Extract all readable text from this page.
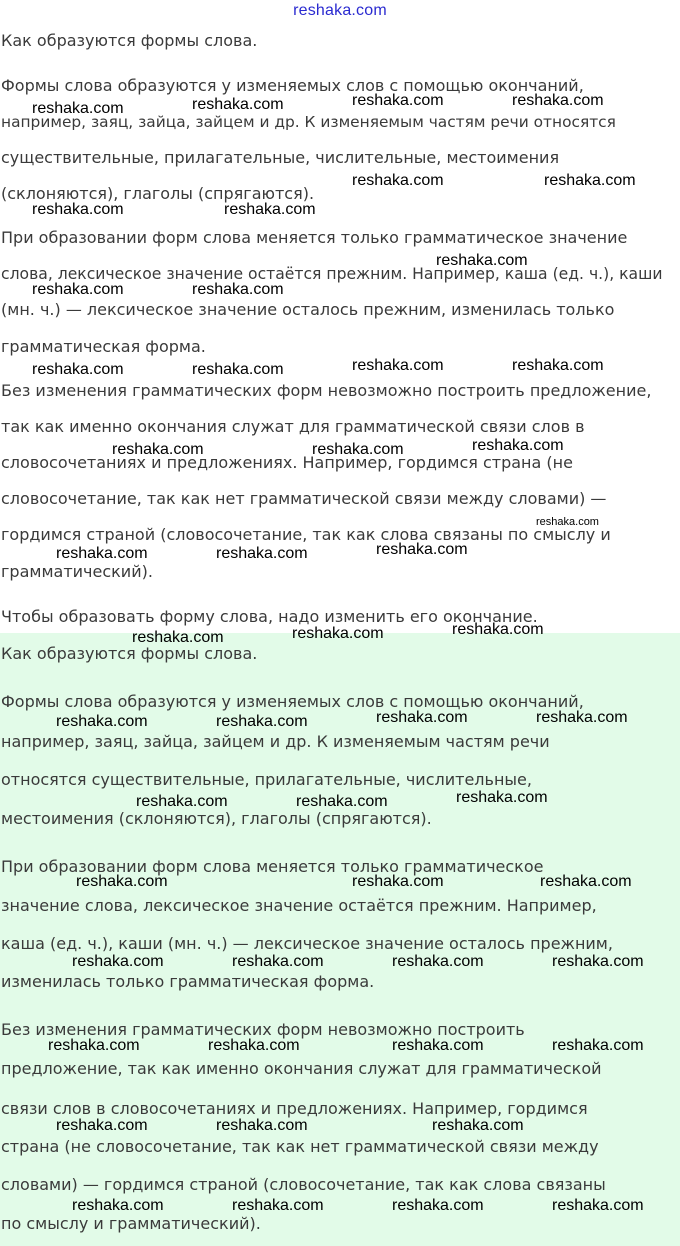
reshaka.com
Как образуются формы слова.
Формы слова образуются у изменяемых слов с помощью окончаний,
например, заяц, зайца, зайцем и др. К изменяемым частям речи относятся
существительные, прилагательные, числительные, местоимения
(склоняются), глаголы (спрягаются).
При образовании форм слова меняется только грамматическое значение
слова, лексическое значение остаётся прежним. Например, каша (ед. ч.), каши
(мн. ч.) — лексическое значение осталось прежним, изменилась только
грамматическая форма.
Без изменения грамматических форм невозможно построить предложение,
так как именно окончания служат для грамматической связи слов в
словосочетаниях и предложениях. Например, гордимся страна (не
словосочетание, так как нет грамматической связи между словами) —
гордимся страной (словосочетание, так как слова связаны по смыслу и
грамматический).
Чтобы образовать форму слова, надо изменить его окончание.
Как образуются формы слова.
Формы слова образуются у изменяемых слов с помощью окончаний,
например, заяц, зайца, зайцем и др. К изменяемым частям речи
относятся существительные, прилагательные, числительные,
местоимения (склоняются), глаголы (спрягаются).
При образовании форм слова меняется только грамматическое
значение слова, лексическое значение остаётся прежним. Например,
каша (ед. ч.), каши (мн. ч.) — лексическое значение осталось прежним,
изменилась только грамматическая форма.
Без изменения грамматических форм невозможно построить
предложение, так как именно окончания служат для грамматической
связи слов в словосочетаниях и предложениях. Например, гордимся
страна (не словосочетание, так как нет грамматической связи между
словами) — гордимся страной (словосочетание, так как слова связаны
по смыслу и грамматический).
reshaka.com	reshaka.com	reshaka.com	reshaka.com
reshaka.com	reshaka.com
reshaka.com	reshaka.com
reshaka.com
reshaka.com	reshaka.com
reshaka.com	reshaka.com	reshaka.com	reshaka.com
reshaka.com	reshaka.com	reshaka.com
reshaka.com	reshaka.com	reshaka.com
reshaka.com	reshaka.com	reshaka.com
reshaka.com	reshaka.com	reshaka.com	reshaka.com
reshaka.com	reshaka.com	reshaka.com
reshaka.com	reshaka.com	reshaka.com
reshaka.com	reshaka.com	reshaka.com	reshaka.com
reshaka.com	reshaka.com	reshaka.com	reshaka.com
reshaka.com	reshaka.com	reshaka.com
reshaka.com	reshaka.com	reshaka.com	reshaka.com
reshaka.com
